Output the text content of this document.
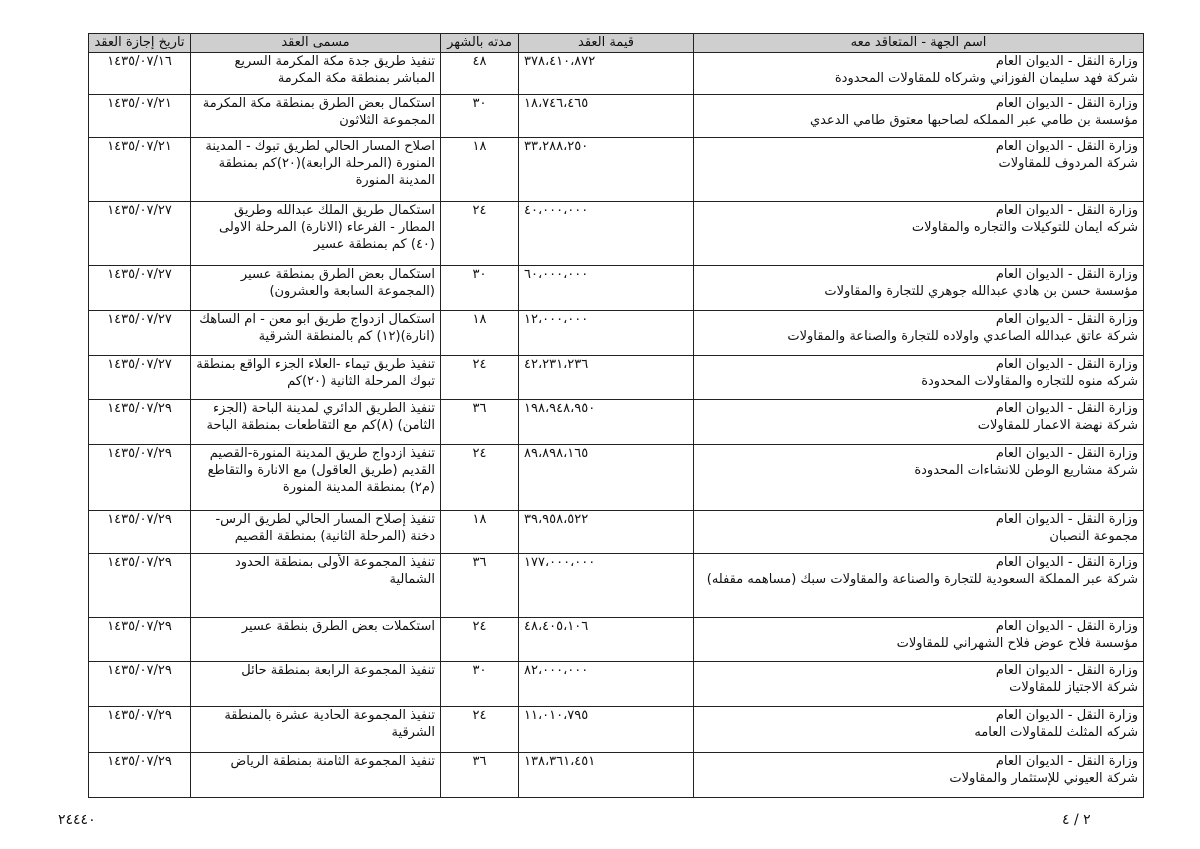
اسم الجهة - المتعاقد معه	قيمة العقد	مدته بالشهر	مسمى العقد	تاريخ إجازة العقد

وزارة النقل - الديوان العام
شركة فهد سليمان الفوزاني وشركاه للمقاولات المحدودة	٣٧٨،٤١٠،٨٧٢	٤٨	تنفيذ طريق جدة مكة المكرمة السريع المباشر بمنطقة مكة المكرمة	١٤٣٥/٠٧/١٦

وزارة النقل - الديوان العام
مؤسسة بن طامي عبر المملكه لصاحبها معتوق طامي الدعدي	١٨،٧٤٦،٤٦٥	٣٠	استكمال بعض الطرق بمنطقة مكة المكرمة المجموعة الثلاثون	١٤٣٥/٠٧/٢١

وزارة النقل - الديوان العام
شركة المردوف للمقاولات	٣٣،٢٨٨،٢٥٠	١٨	اصلاح المسار الحالي لطريق تبوك - المدينة المنورة (المرحلة الرابعة)(٢٠)كم بمنطقة المدينة المنورة	١٤٣٥/٠٧/٢١

وزارة النقل - الديوان العام
شركه ايمان للتوكيلات والتجاره والمقاولات	٤٠،٠٠٠،٠٠٠	٢٤	استكمال طريق الملك عبدالله وطريق المطار - الفرعاء (الانارة) المرحلة الاولى (٤٠) كم بمنطقة عسير	١٤٣٥/٠٧/٢٧

وزارة النقل - الديوان العام
مؤسسة حسن بن هادي عبدالله جوهري للتجارة والمقاولات	٦٠،٠٠٠،٠٠٠	٣٠	استكمال بعض الطرق بمنطقة عسير (المجموعة السابعة والعشرون)	١٤٣٥/٠٧/٢٧

وزارة النقل - الديوان العام
شركة عاتق عبدالله الصاعدي واولاده للتجارة والصناعة والمقاولات	١٢،٠٠٠،٠٠٠	١٨	استكمال ازدواج طريق ابو معن - ام الساهك (انارة)(١٢) كم بالمنطقة الشرقية	١٤٣٥/٠٧/٢٧

وزارة النقل - الديوان العام
شركه منوه للتجاره والمقاولات المحدودة	٤٢،٢٣١،٢٣٦	٢٤	تنفيذ طريق تيماء -العلاء الجزء الواقع بمنطقة تبوك المرحلة الثانية (٢٠)كم	١٤٣٥/٠٧/٢٧

وزارة النقل - الديوان العام
شركة نهضة الاعمار للمقاولات	١٩٨،٩٤٨،٩٥٠	٣٦	تنفيذ الطريق الدائري لمدينة الباحة (الجزء الثامن) (٨)كم مع التقاطعات بمنطقة الباحة	١٤٣٥/٠٧/٢٩

وزارة النقل - الديوان العام
شركة مشاريع الوطن للانشاءات المحدودة	٨٩،٨٩٨،١٦٥	٢٤	تنفيذ ازدواج طريق المدينة المنورة-القصيم القديم (طريق العاقول) مع الانارة والتقاطع (م٢) بمنطقة المدينة المنورة	١٤٣٥/٠٧/٢٩

وزارة النقل - الديوان العام
مجموعة النصبان	٣٩،٩٥٨،٥٢٢	١٨	تنفيذ إصلاح المسار الحالي لطريق الرس-دخنة (المرحلة الثانية) بمنطقة القصيم	١٤٣٥/٠٧/٢٩

وزارة النقل - الديوان العام
شركة عبر المملكة السعودية للتجارة والصناعة والمقاولات سبك (مساهمه مقفله)	١٧٧،٠٠٠،٠٠٠	٣٦	تنفيذ المجموعة الأولى بمنطقة الحدود الشمالية	١٤٣٥/٠٧/٢٩

وزارة النقل - الديوان العام
مؤسسة فلاح عوض فلاح الشهراني للمقاولات	٤٨،٤٠٥،١٠٦	٢٤	استكملات بعض الطرق بنطقة عسير	١٤٣٥/٠٧/٢٩

وزارة النقل - الديوان العام
شركة الاجتياز للمقاولات	٨٢،٠٠٠،٠٠٠	٣٠	تنفيذ المجموعة الرابعة بمنطقة حائل	١٤٣٥/٠٧/٢٩

وزارة النقل - الديوان العام
شركه المثلث للمقاولات العامه	١١،٠١٠،٧٩٥	٢٤	تنفيذ المجموعة الحادية عشرة بالمنطقة الشرقية	١٤٣٥/٠٧/٢٩

وزارة النقل - الديوان العام
شركة العيوني للإستثمار والمقاولات	١٣٨،٣٦١،٤٥١	٣٦	تنفيذ المجموعة الثامنة بمنطقة الرياض	١٤٣٥/٠٧/٢٩
٢٤٤٤٠	٢ / ٤
